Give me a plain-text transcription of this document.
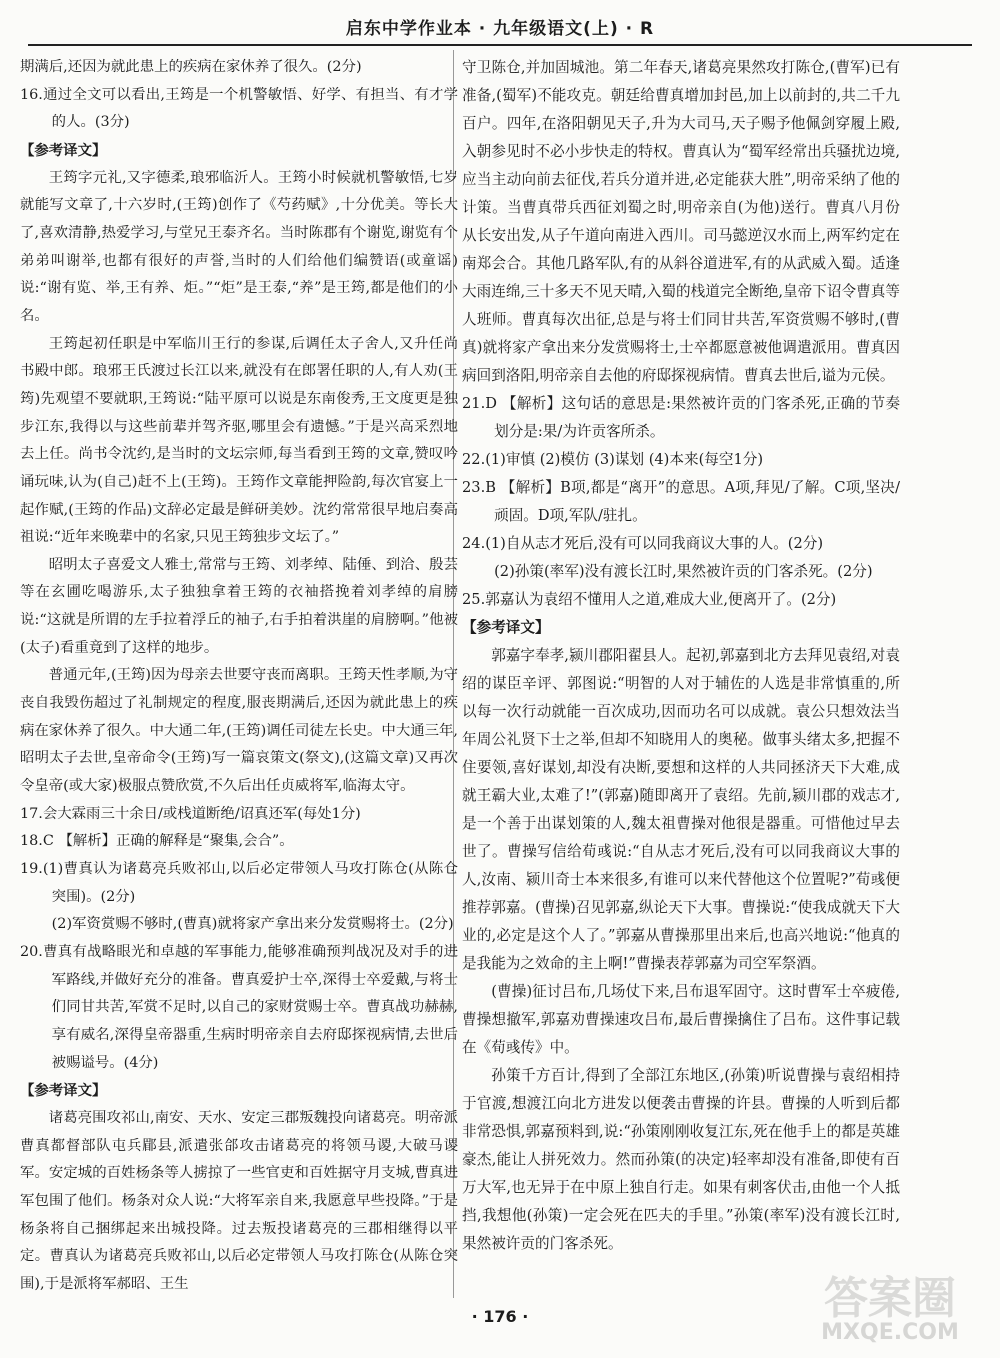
启东中学作业本 · 九年级语文(上) · R

期满后,还因为就此患上的疾病在家休养了很久。(2分)

16.通过全文可以看出,王筠是一个机警敏悟、好学、有担当、有才学的人。(3分)

【参考译文】

王筠字元礼,又字德柔,琅邪临沂人。王筠小时候就机警敏悟,七岁就能写文章了,十六岁时,(王筠)创作了《芍药赋》,十分优美。等长大了,喜欢清静,热爱学习,与堂兄王泰齐名。当时陈郡有个谢览,谢览有个弟弟叫谢举,也都有很好的声誉,当时的人们给他们编赞语(或童谣)说:“谢有览、举,王有养、炬。”“炬”是王泰,“养”是王筠,都是他们的小名。

王筠起初任职是中军临川王行的参谋,后调任太子舍人,又升任尚书殿中郎。琅邪王氏渡过长江以来,就没有在郎署任职的人,有人劝(王筠)先观望不要就职,王筠说:“陆平原可以说是东南俊秀,王文度更是独步江东,我得以与这些前辈并驾齐驱,哪里会有遗憾。”于是兴高采烈地去上任。尚书令沈约,是当时的文坛宗师,每当看到王筠的文章,赞叹吟诵玩味,认为(自己)赶不上(王筠)。王筠作文章能押险韵,每次官宴上一起作赋,(王筠的作品)文辞必定最是鲜研美妙。沈约常常很早地启奏高祖说:“近年来晚辈中的名家,只见王筠独步文坛了。”

昭明太子喜爱文人雅士,常常与王筠、刘孝绰、陆倕、到洽、殷芸等在玄圃吃喝游乐,太子独独拿着王筠的衣袖搭挽着刘孝绰的肩膀说:“这就是所谓的左手拉着浮丘的袖子,右手拍着洪崖的肩膀啊。”他被(太子)看重竟到了这样的地步。

普通元年,(王筠)因为母亲去世要守丧而离职。王筠天性孝顺,为守丧自我毁伤超过了礼制规定的程度,服丧期满后,还因为就此患上的疾病在家休养了很久。中大通二年,(王筠)调任司徒左长史。中大通三年,昭明太子去世,皇帝命令(王筠)写一篇哀策文(祭文),(这篇文章)又再次令皇帝(或大家)极服点赞欣赏,不久后出任贞威将军,临海太守。

17.会大霖雨三十余日/或栈道断绝/诏真还军(每处1分)

18.C 【解析】正确的解释是“聚集,会合”。

19.(1)曹真认为诸葛亮兵败祁山,以后必定带领人马攻打陈仓(从陈仓突围)。(2分)

(2)军资赏赐不够时,(曹真)就将家产拿出来分发赏赐将士。(2分)

20.曹真有战略眼光和卓越的军事能力,能够准确预判战况及对手的进军路线,并做好充分的准备。曹真爱护士卒,深得士卒爱戴,与将士们同甘共苦,军赏不足时,以自己的家财赏赐士卒。曹真战功赫赫,享有威名,深得皇帝器重,生病时明帝亲自去府邸探视病情,去世后被赐谥号。(4分)

【参考译文】

诸葛亮围攻祁山,南安、天水、安定三郡叛魏投向诸葛亮。明帝派曹真都督部队屯兵郿县,派遣张郃攻击诸葛亮的将领马谡,大破马谡军。安定城的百姓杨条等人掳掠了一些官吏和百姓据守月支城,曹真进军包围了他们。杨条对众人说:“大将军亲自来,我愿意早些投降。”于是杨条将自己捆绑起来出城投降。过去叛投诸葛亮的三郡相继得以平定。曹真认为诸葛亮兵败祁山,以后必定带领人马攻打陈仓(从陈仓突围),于是派将军郝昭、王生

守卫陈仓,并加固城池。第二年春天,诸葛亮果然攻打陈仓,(曹军)已有准备,(蜀军)不能攻克。朝廷给曹真增加封邑,加上以前封的,共二千九百户。四年,在洛阳朝见天子,升为大司马,天子赐予他佩剑穿履上殿,入朝参见时不必小步快走的特权。曹真认为“蜀军经常出兵骚扰边境,应当主动向前去征伐,若兵分道并进,必定能获大胜”,明帝采纳了他的计策。当曹真带兵西征刘蜀之时,明帝亲自(为他)送行。曹真八月份从长安出发,从子午道向南进入西川。司马懿逆汉水而上,两军约定在南郑会合。其他几路军队,有的从斜谷道进军,有的从武威入蜀。适逢大雨连绵,三十多天不见天晴,入蜀的栈道完全断绝,皇帝下诏令曹真等人班师。曹真每次出征,总是与将士们同甘共苦,军资赏赐不够时,(曹真)就将家产拿出来分发赏赐将士,士卒都愿意被他调遣派用。曹真因病回到洛阳,明帝亲自去他的府邸探视病情。曹真去世后,谥为元侯。

21.D 【解析】这句话的意思是:果然被许贡的门客杀死,正确的节奏划分是:果/为许贡客所杀。

22.(1)审慎 (2)模仿 (3)谋划 (4)本来(每空1分)

23.B 【解析】B项,都是“离开”的意思。A项,拜见/了解。C项,坚决/顽固。D项,军队/驻扎。

24.(1)自从志才死后,没有可以同我商议大事的人。(2分)

(2)孙策(率军)没有渡长江时,果然被许贡的门客杀死。(2分)

25.郭嘉认为袁绍不懂用人之道,难成大业,便离开了。(2分)

【参考译文】

郭嘉字奉孝,颍川郡阳翟县人。起初,郭嘉到北方去拜见袁绍,对袁绍的谋臣辛评、郭图说:“明智的人对于辅佐的人选是非常慎重的,所以每一次行动就能一百次成功,因而功名可以成就。袁公只想效法当年周公礼贤下士之举,但却不知晓用人的奥秘。做事头绪太多,把握不住要领,喜好谋划,却没有决断,要想和这样的人共同拯济天下大难,成就王霸大业,太难了!”(郭嘉)随即离开了袁绍。先前,颍川郡的戏志才,是一个善于出谋划策的人,魏太祖曹操对他很是器重。可惜他过早去世了。曹操写信给荀彧说:“自从志才死后,没有可以同我商议大事的人,汝南、颍川奇士本来很多,有谁可以来代替他这个位置呢?”荀彧便推荐郭嘉。(曹操)召见郭嘉,纵论天下大事。曹操说:“使我成就天下大业的,必定是这个人了。”郭嘉从曹操那里出来后,也高兴地说:“他真的是我能为之效命的主上啊!”曹操表荐郭嘉为司空军祭酒。

(曹操)征讨吕布,几场仗下来,吕布退军固守。这时曹军士卒疲倦,曹操想撤军,郭嘉劝曹操速攻吕布,最后曹操擒住了吕布。这件事记载在《荀彧传》中。

孙策千方百计,得到了全部江东地区,(孙策)听说曹操与袁绍相持于官渡,想渡江向北方进发以便袭击曹操的许县。曹操的人听到后都非常恐惧,郭嘉预料到,说:“孙策刚刚收复江东,死在他手上的都是英雄豪杰,能让人拼死效力。然而孙策(的决定)轻率却没有准备,即使有百万大军,也无异于在中原上独自行走。如果有刺客伏击,由他一个人抵挡,我想他(孙策)一定会死在匹夫的手里。”孙策(率军)没有渡长江时,果然被许贡的门客杀死。

· 176 ·	答案圈
MXQE.COM
